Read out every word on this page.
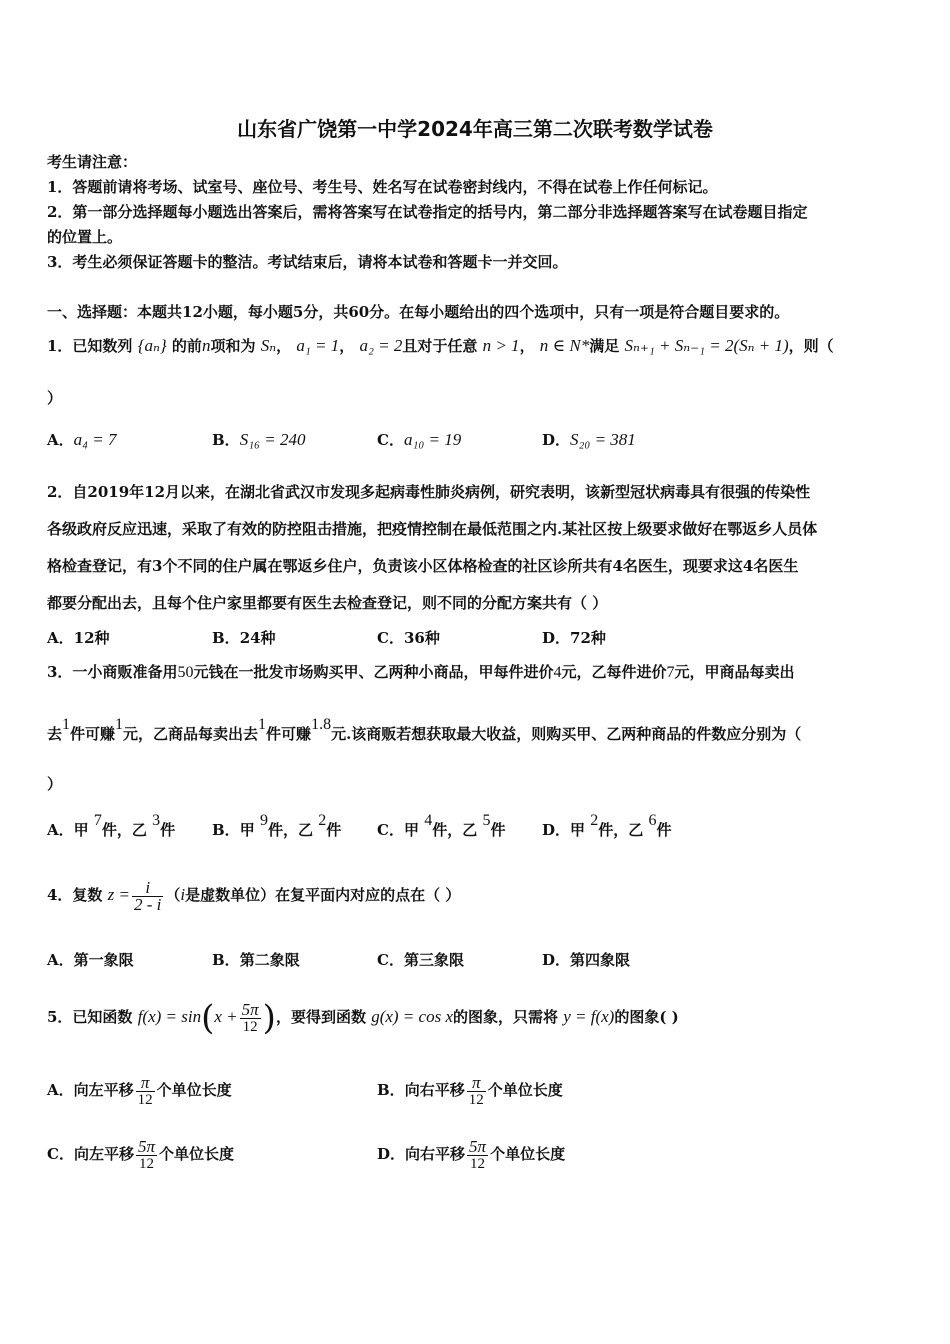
山东省广饶第一中学2024年高三第二次联考数学试卷
考生请注意：
1．答题前请将考场、试室号、座位号、考生号、姓名写在试卷密封线内，不得在试卷上作任何标记。
2．第一部分选择题每小题选出答案后，需将答案写在试卷指定的括号内，第二部分非选择题答案写在试卷题目指定
的位置上。
3．考生必须保证答题卡的整洁。考试结束后，请将本试卷和答题卡一并交回。
一、选择题：本题共12小题，每小题5分，共60分。在每小题给出的四个选项中，只有一项是符合题目要求的。
1．已知数列 {aₙ} 的前n项和为 Sₙ， a₁ = 1， a₂ = 2且对于任意 n > 1， n ∈ N*满足 Sₙ₊₁ + Sₙ₋₁ = 2(Sₙ + 1)，则（
）
A．a₄ = 7	B．S₁₆ = 240	C．a₁₀ = 19	D．S₂₀ = 381
2．自2019年12月以来，在湖北省武汉市发现多起病毒性肺炎病例，研究表明，该新型冠状病毒具有很强的传染性
各级政府反应迅速，采取了有效的防控阻击措施，把疫情控制在最低范围之内.某社区按上级要求做好在鄂返乡人员体
格检查登记，有3个不同的住户属在鄂返乡住户，负责该小区体格检查的社区诊所共有4名医生，现要求这4名医生
都要分配出去，且每个住户家里都要有医生去检查登记，则不同的分配方案共有（ ）
A．12种	B．24种	C．36种	D．72种
3．一小商贩准备用50元钱在一批发市场购买甲、乙两种小商品，甲每件进价4元，乙每件进价7元，甲商品每卖出
去1件可赚1元，乙商品每卖出去1件可赚1.8元.该商贩若想获取最大收益，则购买甲、乙两种商品的件数应分别为（
）
A．甲 7件，乙 3件 B．甲 9件，乙 2件 C．甲 4件，乙 5件 D．甲 2件，乙 6件
4．复数 $z = \frac{i}{2 - i} (i$是虚数单位）在复平面内对应的点在（ ）
A．第一象限	B．第二象限	C．第三象限	D．第四象限
5．已知函数 $f(x) = \sin(x + \frac{5\pi}{12}$ )，要得到函数 g(x) = cos x的图象，只需将 y = f(x)的图象( )
A．向左平移 $\frac{\pi}{12}$ 个单位长度	B．向右平移 $\frac{\pi}{12}$ 个单位长度
C．向左平移 $\frac{5\pi}{12}$ 个单位长度	D．向右平移 $\frac{5\pi}{12}$ 个单位长度
